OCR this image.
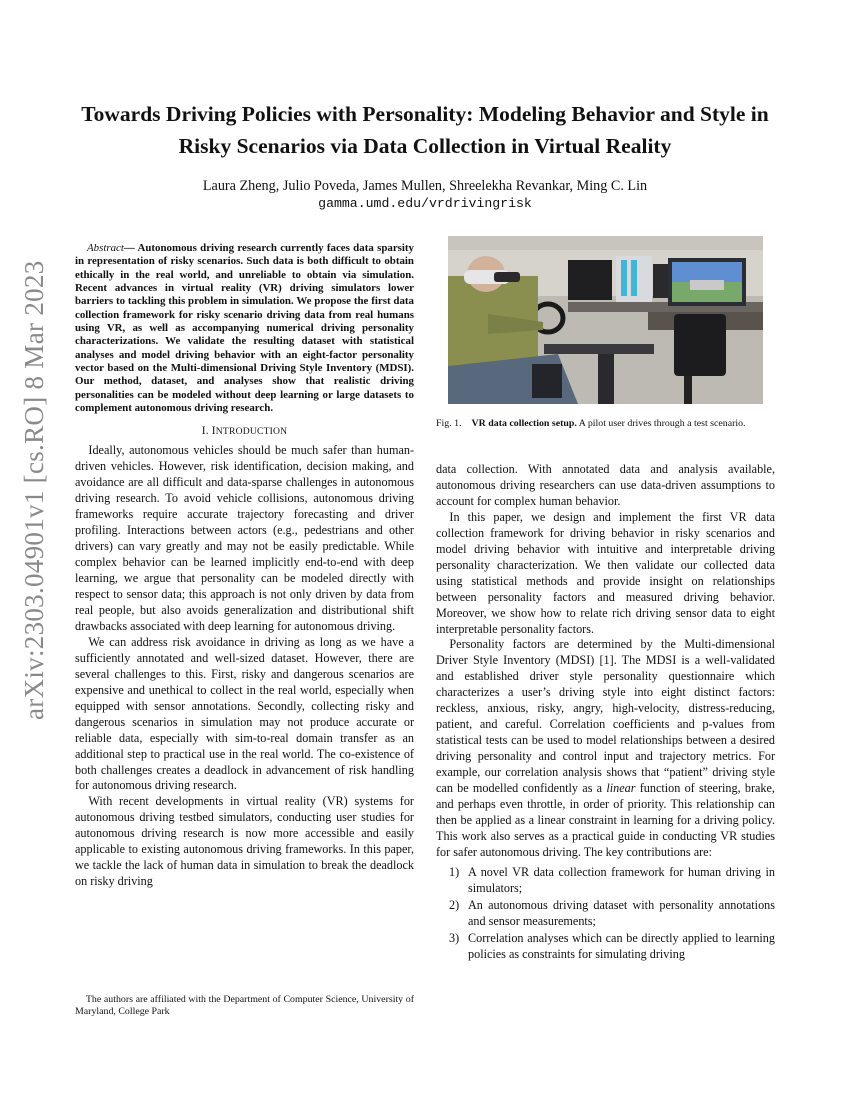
arXiv:2303.04901v1 [cs.RO] 8 Mar 2023
Towards Driving Policies with Personality: Modeling Behavior and Style in Risky Scenarios via Data Collection in Virtual Reality
Laura Zheng, Julio Poveda, James Mullen, Shreelekha Revankar, Ming C. Lin
gamma.umd.edu/vrdrivingrisk

Abstract— Autonomous driving research currently faces data sparsity in representation of risky scenarios. Such data is both difficult to obtain ethically in the real world, and unreliable to obtain via simulation. Recent advances in virtual reality (VR) driving simulators lower barriers to tackling this problem in simulation. We propose the first data collection framework for risky scenario driving data from real humans using VR, as well as accompanying numerical driving personality characterizations. We validate the resulting dataset with statistical analyses and model driving behavior with an eight-factor personality vector based on the Multi-dimensional Driving Style Inventory (MDSI). Our method, dataset, and analyses show that realistic driving personalities can be modeled without deep learning or large datasets to complement autonomous driving research.

I. INTRODUCTION

Ideally, autonomous vehicles should be much safer than human-driven vehicles. However, risk identification, decision making, and avoidance are all difficult and data-sparse challenges in autonomous driving research. To avoid vehicle collisions, autonomous driving frameworks require accurate trajectory forecasting and driver profiling. Interactions between actors (e.g., pedestrians and other drivers) can vary greatly and may not be easily predictable. While complex behavior can be learned implicitly end-to-end with deep learning, we argue that personality can be modeled directly with respect to sensor data; this approach is not only driven by data from real people, but also avoids generalization and distributional shift drawbacks associated with deep learning for autonomous driving.

We can address risk avoidance in driving as long as we have a sufficiently annotated and well-sized dataset. However, there are several challenges to this. First, risky and dangerous scenarios are expensive and unethical to collect in the real world, especially when equipped with sensor annotations. Secondly, collecting risky and dangerous scenarios in simulation may not produce accurate or reliable data, especially with sim-to-real domain transfer as an additional step to practical use in the real world. The co-existence of both challenges creates a deadlock in advancement of risk handling for autonomous driving research.

With recent developments in virtual reality (VR) systems for autonomous driving testbed simulators, conducting user studies for autonomous driving research is now more accessible and easily applicable to existing autonomous driving frameworks. In this paper, we tackle the lack of human data in simulation to break the deadlock on risky driving

The authors are affiliated with the Department of Computer Science, University of Maryland, College Park
Fig. 1. VR data collection setup. A pilot user drives through a test scenario.

data collection. With annotated data and analysis available, autonomous driving researchers can use data-driven assumptions to account for complex human behavior.

In this paper, we design and implement the first VR data collection framework for driving behavior in risky scenarios and model driving behavior with intuitive and interpretable driving personality characterization. We then validate our collected data using statistical methods and provide insight on relationships between personality factors and measured driving behavior. Moreover, we show how to relate rich driving sensor data to eight interpretable personality factors.

Personality factors are determined by the Multi-dimensional Driver Style Inventory (MDSI) [1]. The MDSI is a well-validated and established driver style personality questionnaire which characterizes a user’s driving style into eight distinct factors: reckless, anxious, risky, angry, high-velocity, distress-reducing, patient, and careful. Correlation coefficients and p-values from statistical tests can be used to model relationships between a desired driving personality and control input and trajectory metrics. For example, our correlation analysis shows that “patient” driving style can be modelled confidently as a linear function of steering, brake, and perhaps even throttle, in order of priority. This relationship can then be applied as a linear constraint in learning for a driving policy. This work also serves as a practical guide in conducting VR studies for safer autonomous driving. The key contributions are:

1) A novel VR data collection framework for human driving in simulators;
2) An autonomous driving dataset with personality annotations and sensor measurements;
3) Correlation analyses which can be directly applied to learning policies as constraints for simulating driving
